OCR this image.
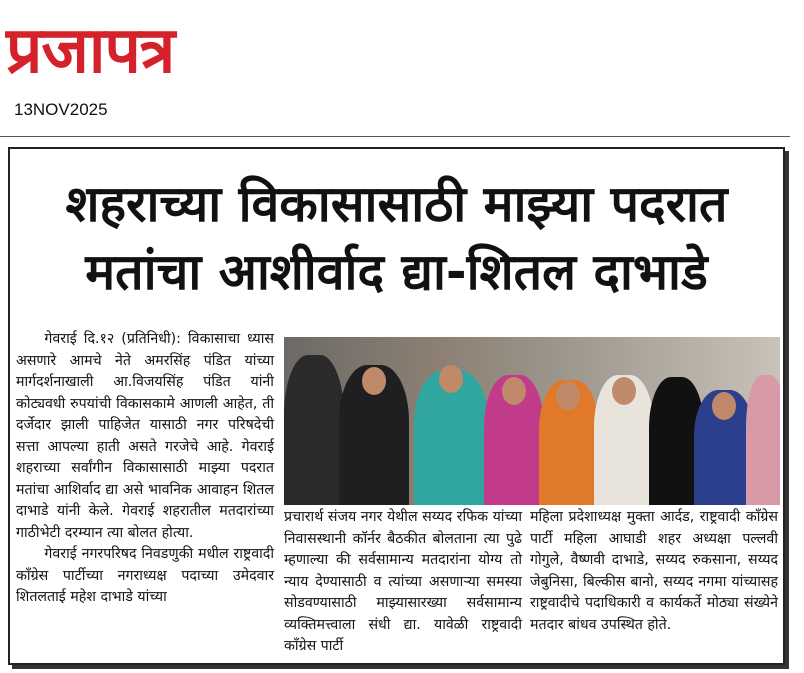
प्रजापत्र
13NOV2025
शहराच्या विकासासाठी माझ्या पदरात
मतांचा आशीर्वाद द्या-शितल दाभाडे

गेवराई दि.१२ (प्रतिनिधी): विकासाचा ध्यास असणारे आमचे नेते अमरसिंह पंडित यांच्या मार्गदर्शनाखाली आ.विजयसिंह पंडित यांनी कोट्यवधी रुपयांची विकासकामे आणली आहेत, ती दर्जेदार झाली पाहिजेत यासाठी नगर परिषदेची सत्ता आपल्या हाती असते गरजेचे आहे. गेवराई शहराच्या सर्वांगीन विकासासाठी माझ्या पदरात मतांचा आशिर्वाद द्या असे भावनिक आवाहन शितल दाभाडे यांनी केले. गेवराई शहरातील मतदारांच्या गाठीभेटी दरम्यान त्या बोलत होत्या.

गेवराई नगरपरिषद निवडणुकी मधील राष्ट्रवादी कॉंग्रेस पार्टीच्या नगराध्यक्ष पदाच्या उमेदवार शितलताई महेश दाभाडे यांच्या

प्रचारार्थ संजय नगर येथील सय्यद रफिक यांच्या निवासस्थानी कॉर्नर बैठकीत बोलताना त्या पुढे म्हणाल्या की सर्वसामान्य मतदारांना योग्य तो न्याय देण्यासाठी व त्यांच्या असणाऱ्या समस्या सोडवण्यासाठी माझ्यासारख्या सर्वसामान्य व्यक्तिमत्त्वाला संधी द्या. यावेळी राष्ट्रवादी कॉंग्रेस पार्टी
महिला प्रदेशाध्यक्ष मुक्ता आर्दड, राष्ट्रवादी कॉंग्रेस पार्टी महिला आघाडी शहर अध्यक्षा पल्लवी गोगुले, वैष्णवी दाभाडे, सय्यद रुकसाना, सय्यद जेबुनिसा, बिल्कीस बानो, सय्यद नगमा यांच्यासह राष्ट्रवादीचे पदाधिकारी व कार्यकर्ते मोठ्या संख्येने मतदार बांधव उपस्थित होते.
